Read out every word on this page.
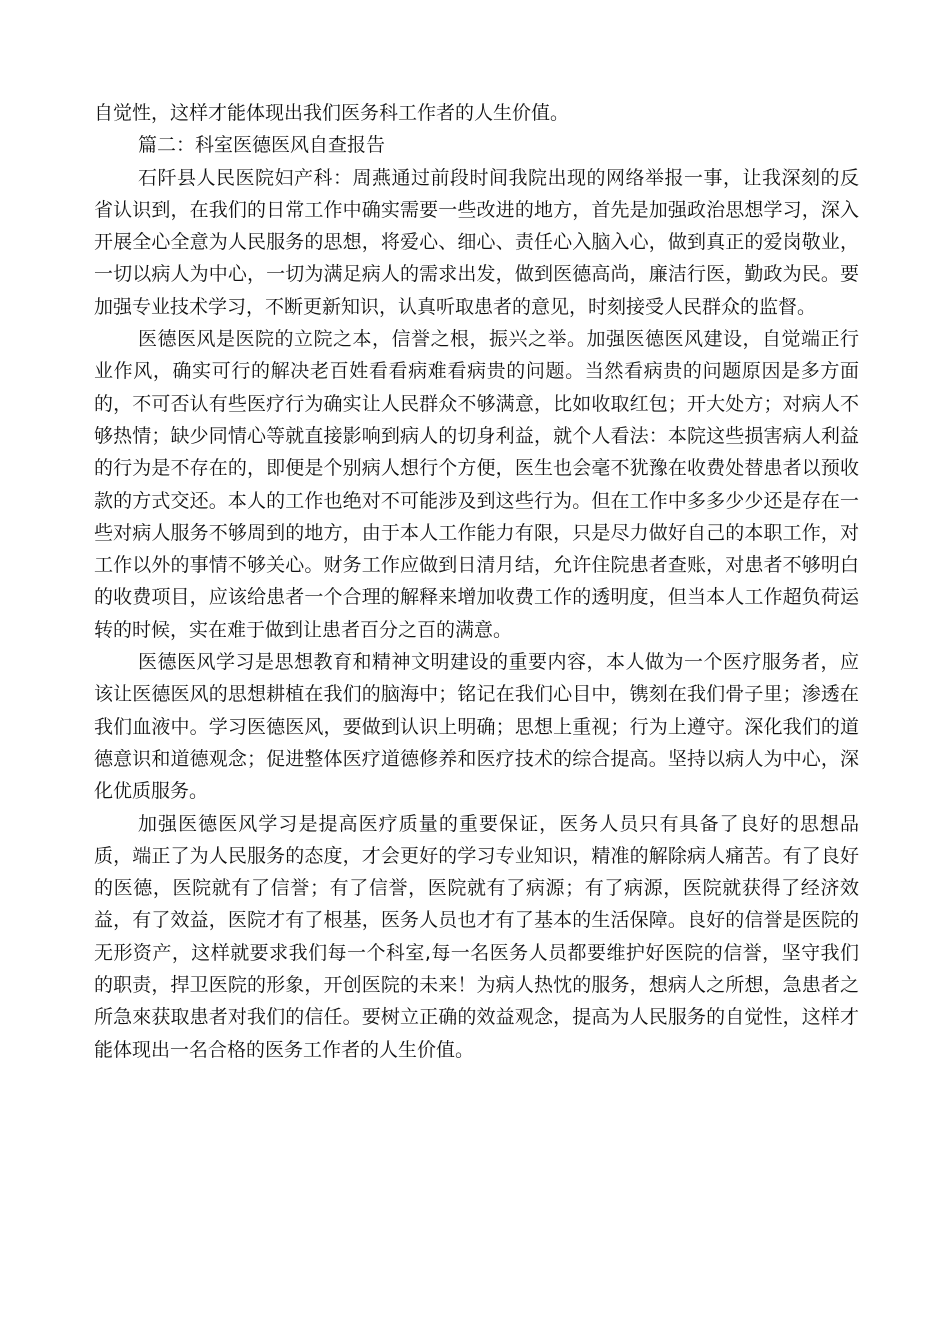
自觉性，这样才能体现出我们医务科工作者的人生价值。

篇二：科室医德医风自查报告

石阡县人民医院妇产科：周燕通过前段时间我院出现的网络举报一事，让我深刻的反省认识到，在我们的日常工作中确实需要一些改进的地方，首先是加强政治思想学习，深入开展全心全意为人民服务的思想，将爱心、细心、责任心入脑入心，做到真正的爱岗敬业，一切以病人为中心，一切为满足病人的需求出发，做到医德高尚，廉洁行医，勤政为民。要加强专业技术学习，不断更新知识，认真听取患者的意见，时刻接受人民群众的监督。

医德医风是医院的立院之本，信誉之根，振兴之举。加强医德医风建设，自觉端正行业作风，确实可行的解决老百姓看看病难看病贵的问题。当然看病贵的问题原因是多方面的，不可否认有些医疗行为确实让人民群众不够满意，比如收取红包；开大处方；对病人不够热情；缺少同情心等就直接影响到病人的切身利益，就个人看法：本院这些损害病人利益的行为是不存在的，即便是个别病人想行个方便，医生也会毫不犹豫在收费处替患者以预收款的方式交还。本人的工作也绝对不可能涉及到这些行为。但在工作中多多少少还是存在一些对病人服务不够周到的地方，由于本人工作能力有限，只是尽力做好自己的本职工作，对工作以外的事情不够关心。财务工作应做到日清月结，允许住院患者查账，对患者不够明白的收费项目，应该给患者一个合理的解释来增加收费工作的透明度，但当本人工作超负荷运转的时候，实在难于做到让患者百分之百的满意。

医德医风学习是思想教育和精神文明建设的重要内容，本人做为一个医疗服务者，应该让医德医风的思想耕植在我们的脑海中；铭记在我们心目中，镌刻在我们骨子里；渗透在我们血液中。学习医德医风，要做到认识上明确；思想上重视；行为上遵守。深化我们的道德意识和道德观念；促进整体医疗道德修养和医疗技术的综合提高。坚持以病人为中心，深化优质服务。

加强医德医风学习是提高医疗质量的重要保证，医务人员只有具备了良好的思想品质，端正了为人民服务的态度，才会更好的学习专业知识，精准的解除病人痛苦。有了良好的医德，医院就有了信誉；有了信誉，医院就有了病源；有了病源，医院就获得了经济效益，有了效益，医院才有了根基，医务人员也才有了基本的生活保障。良好的信誉是医院的无形资产，这样就要求我们每一个科室,每一名医务人员都要维护好医院的信誉，坚守我们的职责，捍卫医院的形象，开创医院的未来！为病人热忱的服务，想病人之所想，急患者之所急來获取患者对我们的信任。要树立正确的效益观念，提高为人民服务的自觉性，这样才能体现出一名合格的医务工作者的人生价值。
